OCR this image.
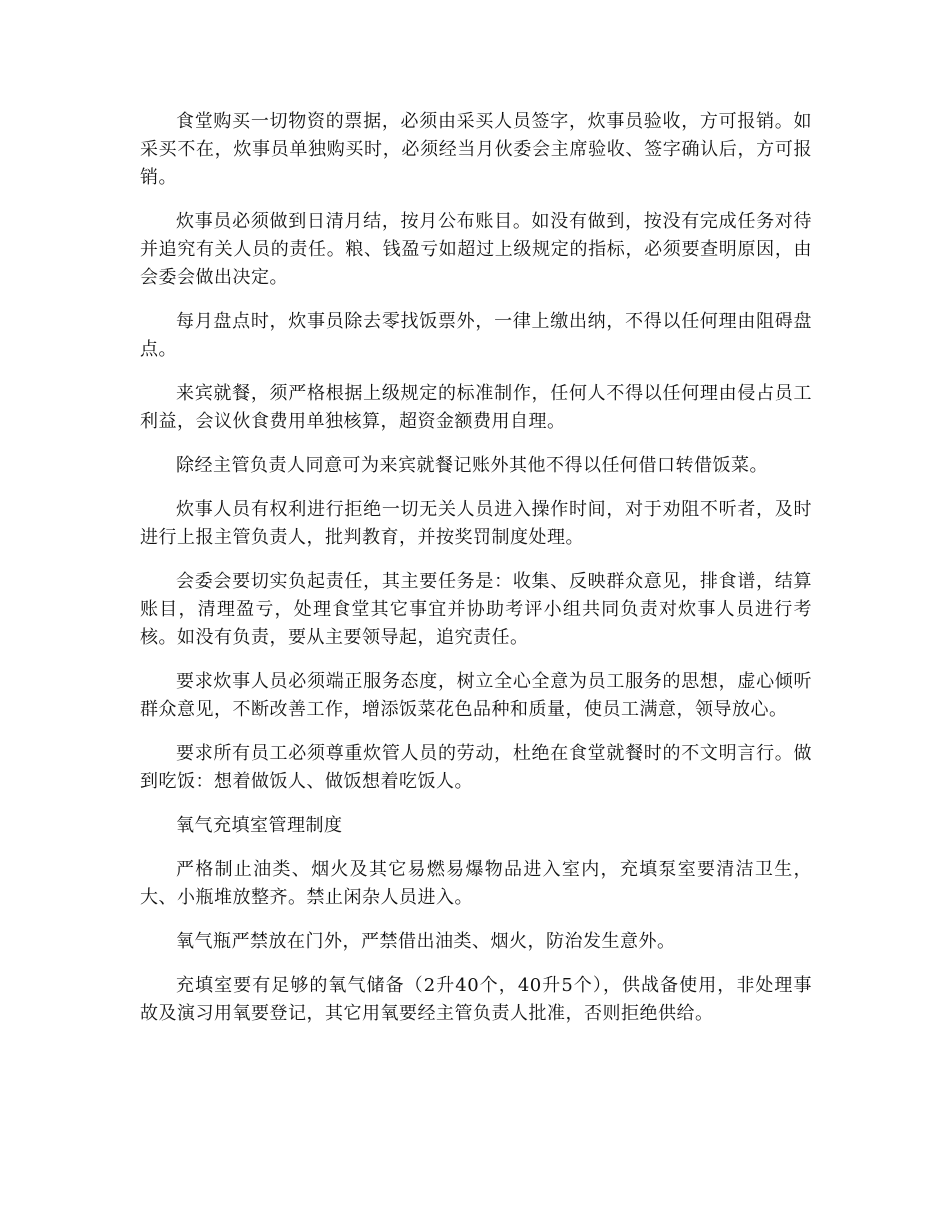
食堂购买一切物资的票据，必须由采买人员签字，炊事员验收，方可报销。如采买不在，炊事员单独购买时，必须经当月伙委会主席验收、签字确认后，方可报销。

炊事员必须做到日清月结，按月公布账目。如没有做到，按没有完成任务对待并追究有关人员的责任。粮、钱盈亏如超过上级规定的指标，必须要查明原因，由会委会做出决定。

每月盘点时，炊事员除去零找饭票外，一律上缴出纳，不得以任何理由阻碍盘点。

来宾就餐，须严格根据上级规定的标准制作，任何人不得以任何理由侵占员工利益，会议伙食费用单独核算，超资金额费用自理。

除经主管负责人同意可为来宾就餐记账外其他不得以任何借口转借饭菜。

炊事人员有权利进行拒绝一切无关人员进入操作时间，对于劝阻不听者，及时进行上报主管负责人，批判教育，并按奖罚制度处理。

会委会要切实负起责任，其主要任务是：收集、反映群众意见，排食谱，结算账目，清理盈亏，处理食堂其它事宜并协助考评小组共同负责对炊事人员进行考核。如没有负责，要从主要领导起，追究责任。

要求炊事人员必须端正服务态度，树立全心全意为员工服务的思想，虚心倾听群众意见，不断改善工作，增添饭菜花色品种和质量，使员工满意，领导放心。

要求所有员工必须尊重炊管人员的劳动，杜绝在食堂就餐时的不文明言行。做到吃饭：想着做饭人、做饭想着吃饭人。

氧气充填室管理制度

严格制止油类、烟火及其它易燃易爆物品进入室内，充填泵室要清洁卫生，大、小瓶堆放整齐。禁止闲杂人员进入。

氧气瓶严禁放在门外，严禁借出油类、烟火，防治发生意外。

充填室要有足够的氧气储备（2升40个，40升5个），供战备使用，非处理事故及演习用氧要登记，其它用氧要经主管负责人批准，否则拒绝供给。
